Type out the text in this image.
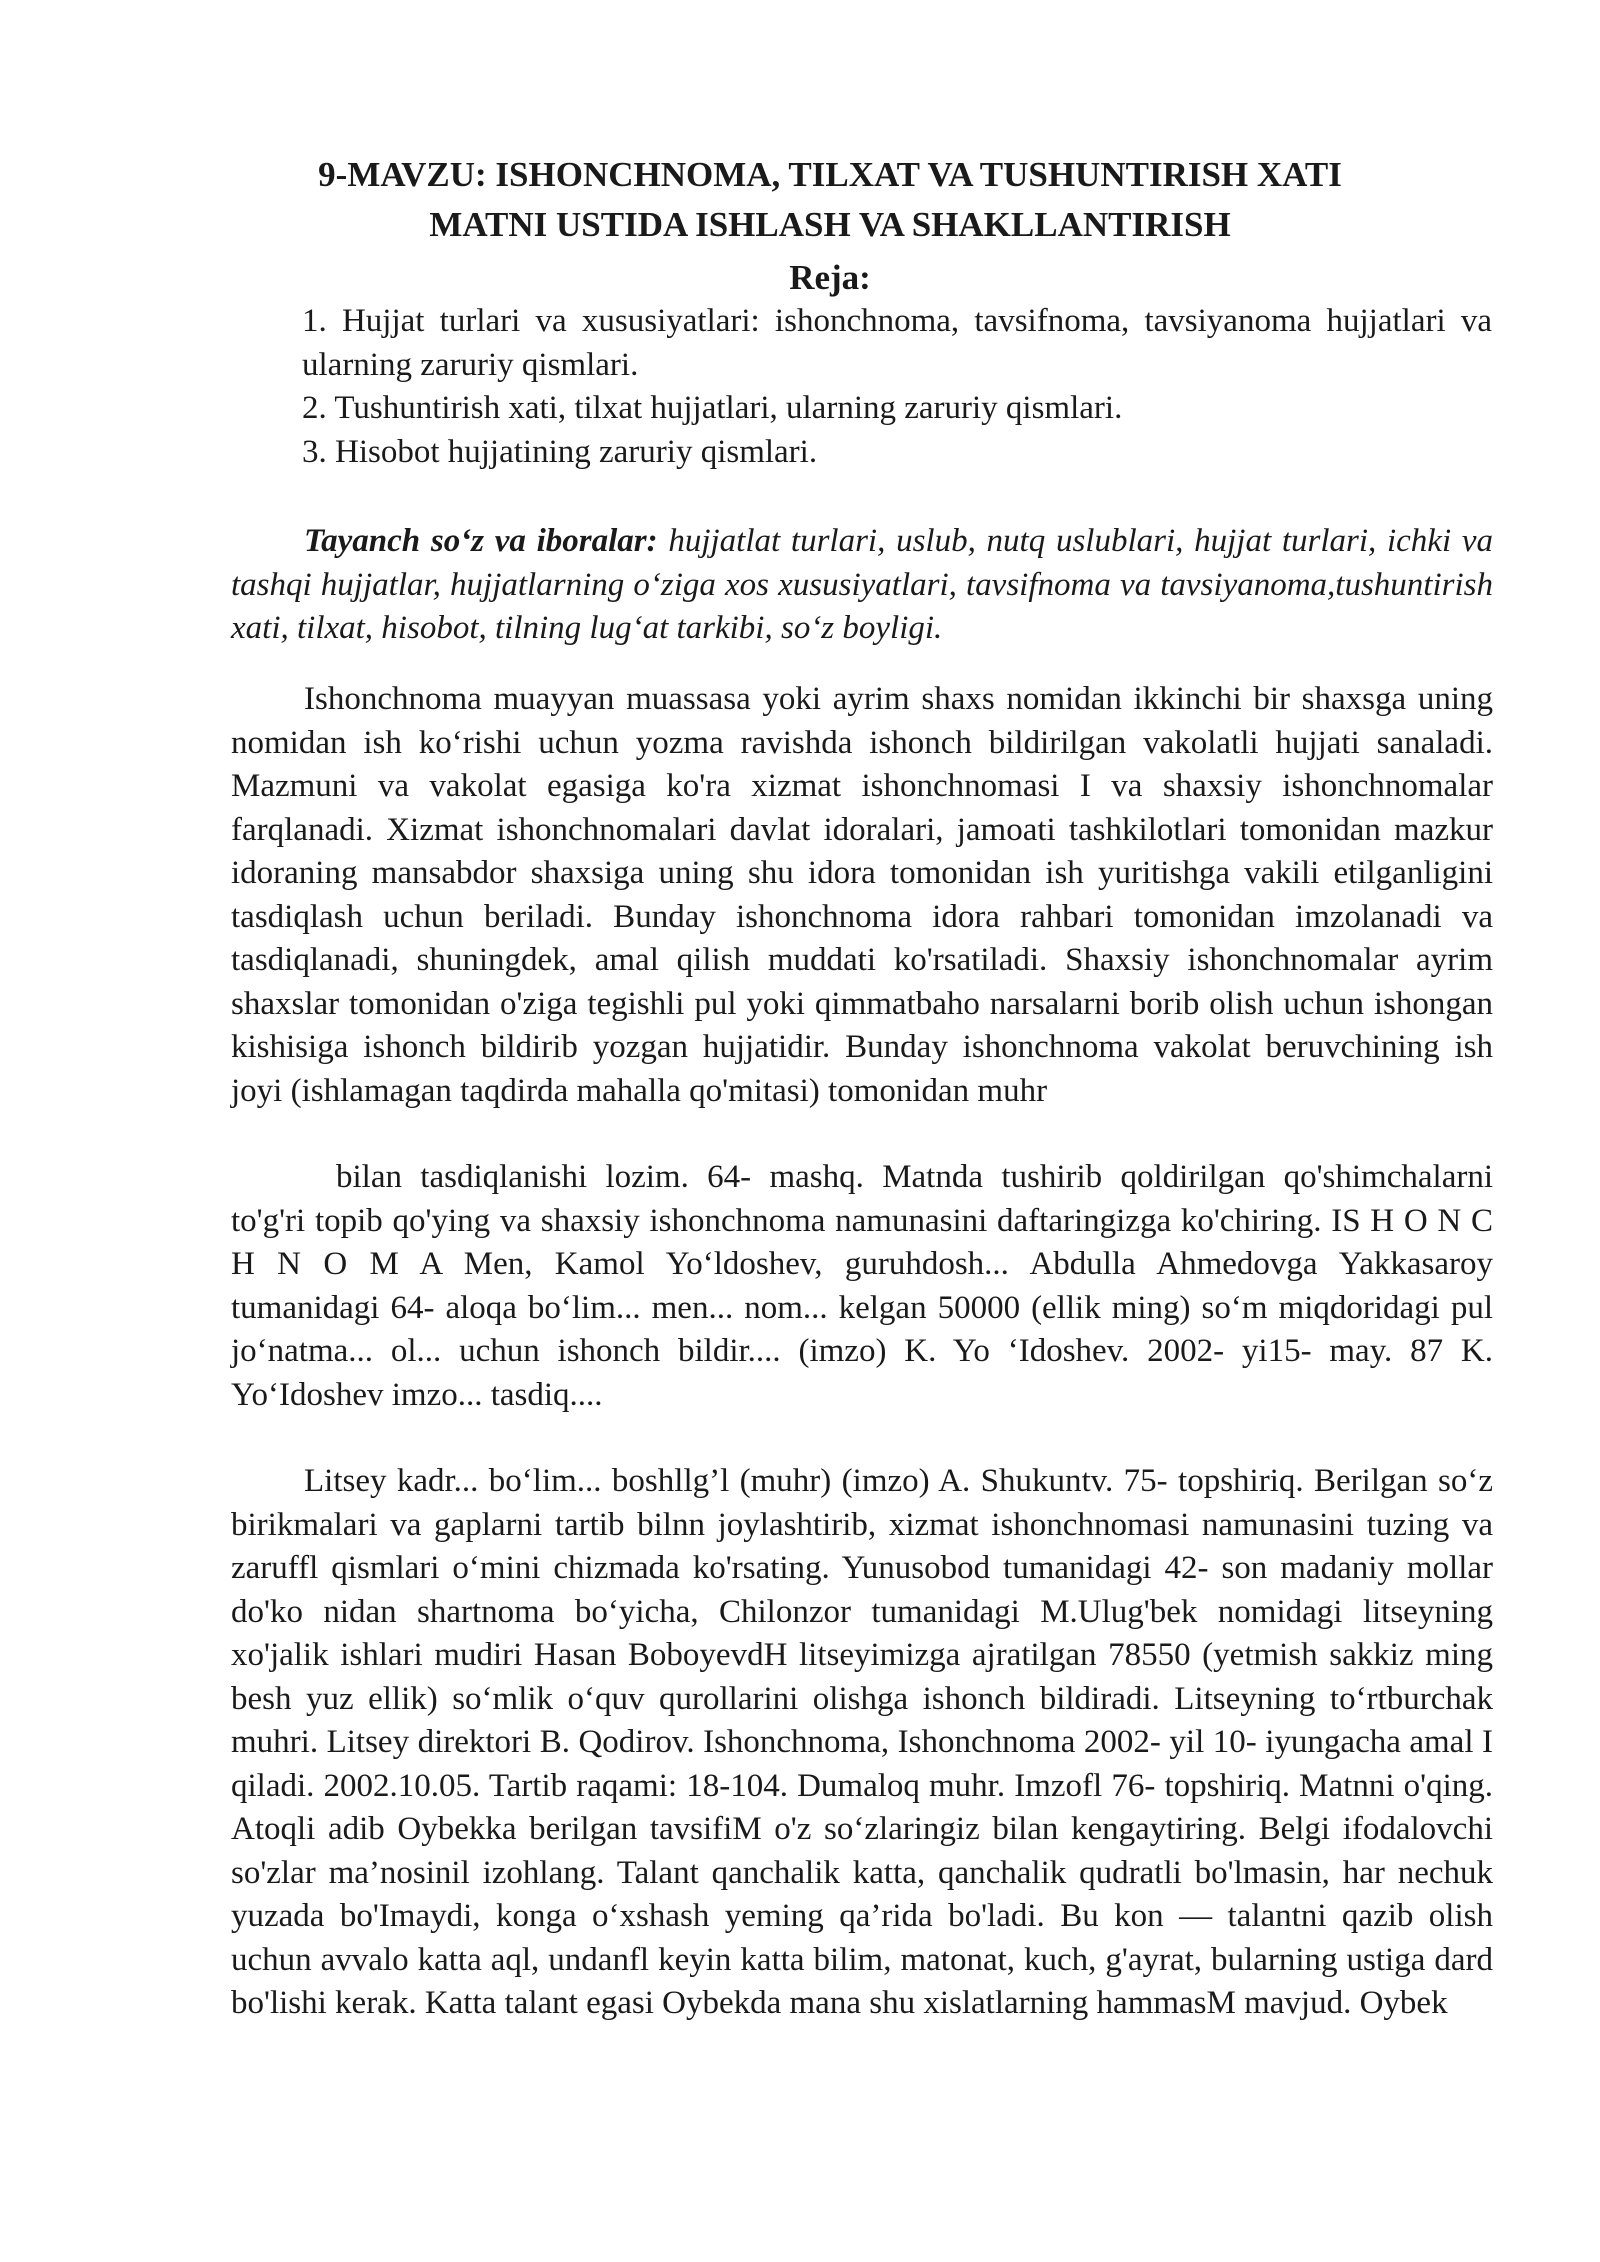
9-MAVZU: ISHONCHNOMA, TILXAT VA TUSHUNTIRISH XATI

MATNI USTIDA ISHLASH VA SHAKLLANTIRISH

Reja:

1. Hujjat turlari va xususiyatlari: ishonchnoma, tavsifnoma, tavsiyanoma hujjatlari va ularning zaruriy qismlari.
2. Tushuntirish xati, tilxat hujjatlari, ularning zaruriy qismlari.
3. Hisobot hujjatining zaruriy qismlari.

Tayanch so‘z va iboralar: hujjatlat turlari, uslub, nutq uslublari, hujjat turlari, ichki va tashqi hujjatlar, hujjatlarning o‘ziga xos xususiyatlari, tavsifnoma va tavsiyanoma,tushuntirish xati, tilxat, hisobot, tilning lug‘at tarkibi, so‘z boyligi.

Ishonchnoma muayyan muassasa yoki ayrim shaxs nomidan ikkinchi bir shaxsga uning nomidan ish ko‘rishi uchun yozma ravishda ishonch bildirilgan vakolatli hujjati sanaladi. Mazmuni va vakolat egasiga ko'ra xizmat ishonchnomasi I va shaxsiy ishonchnomalar farqlanadi. Xizmat ishonchnomalari davlat idoralari, jamoati tashkilotlari tomonidan mazkur idoraning mansabdor shaxsiga uning shu idora tomonidan ish yuritishga vakili etilganligini tasdiqlash uchun beriladi. Bunday ishonchnoma idora rahbari tomonidan imzolanadi va tasdiqlanadi, shuningdek, amal qilish muddati ko'rsatiladi. Shaxsiy ishonchnomalar ayrim shaxslar tomonidan o'ziga tegishli pul yoki qimmatbaho narsalarni borib olish uchun ishongan kishisiga ishonch bildirib yozgan hujjatidir. Bunday ishonchnoma vakolat beruvchining ish joyi (ishlamagan taqdirda mahalla qo'mitasi) tomonidan muhr

bilan tasdiqlanishi lozim. 64- mashq. Matnda tushirib qoldirilgan qo'shimchalarni to'g'ri topib qo'ying va shaxsiy ishonchnoma namunasini daftaringizga ko'chiring. IS H O N C H N O M A Men, Kamol Yo‘ldoshev, guruhdosh... Abdulla Ahmedovga Yakkasaroy tumanidagi 64- aloqa bo‘lim... men... nom... kelgan 50000 (ellik ming) so‘m miqdoridagi pul jo‘natma... ol... uchun ishonch bildir.... (imzo) K. Yo ‘Idoshev. 2002- yi15- may. 87 K. Yo‘Idoshev imzo... tasdiq....

Litsey kadr... bo‘lim... boshllg’l (muhr) (imzo) A. Shukuntv. 75- topshiriq. Berilgan so‘z birikmalari va gaplarni tartib bilnn joylashtirib, xizmat ishonchnomasi namunasini tuzing va zaruffl qismlari o‘mini chizmada ko'rsating. Yunusobod tumanidagi 42- son madaniy mollar do'ko nidan shartnoma bo‘yicha, Chilonzor tumanidagi M.Ulug'bek nomidagi litseyning xo'jalik ishlari mudiri Hasan BoboyevdH litseyimizga ajratilgan 78550 (yetmish sakkiz ming besh yuz ellik) so‘mlik o‘quv qurollarini olishga ishonch bildiradi. Litseyning to‘rtburchak muhri. Litsey direktori B. Qodirov. Ishonchnoma, Ishonchnoma 2002- yil 10- iyungacha amal I qiladi. 2002.10.05. Tartib raqami: 18-104. Dumaloq muhr. Imzofl 76- topshiriq. Matnni o'qing. Atoqli adib Oybekka berilgan tavsifiM o'z so‘zlaringiz bilan kengaytiring. Belgi ifodalovchi so'zlar ma’nosinil izohlang. Talant qanchalik katta, qanchalik qudratli bo'lmasin, har nechuk yuzada bo'Imaydi, konga o‘xshash yeming qa’rida bo'ladi. Bu kon — talantni qazib olish uchun avvalo katta aql, undanfl keyin katta bilim, matonat, kuch, g'ayrat, bularning ustiga dard bo'lishi kerak. Katta talant egasi Oybekda mana shu xislatlarning hammasM mavjud. Oybek
